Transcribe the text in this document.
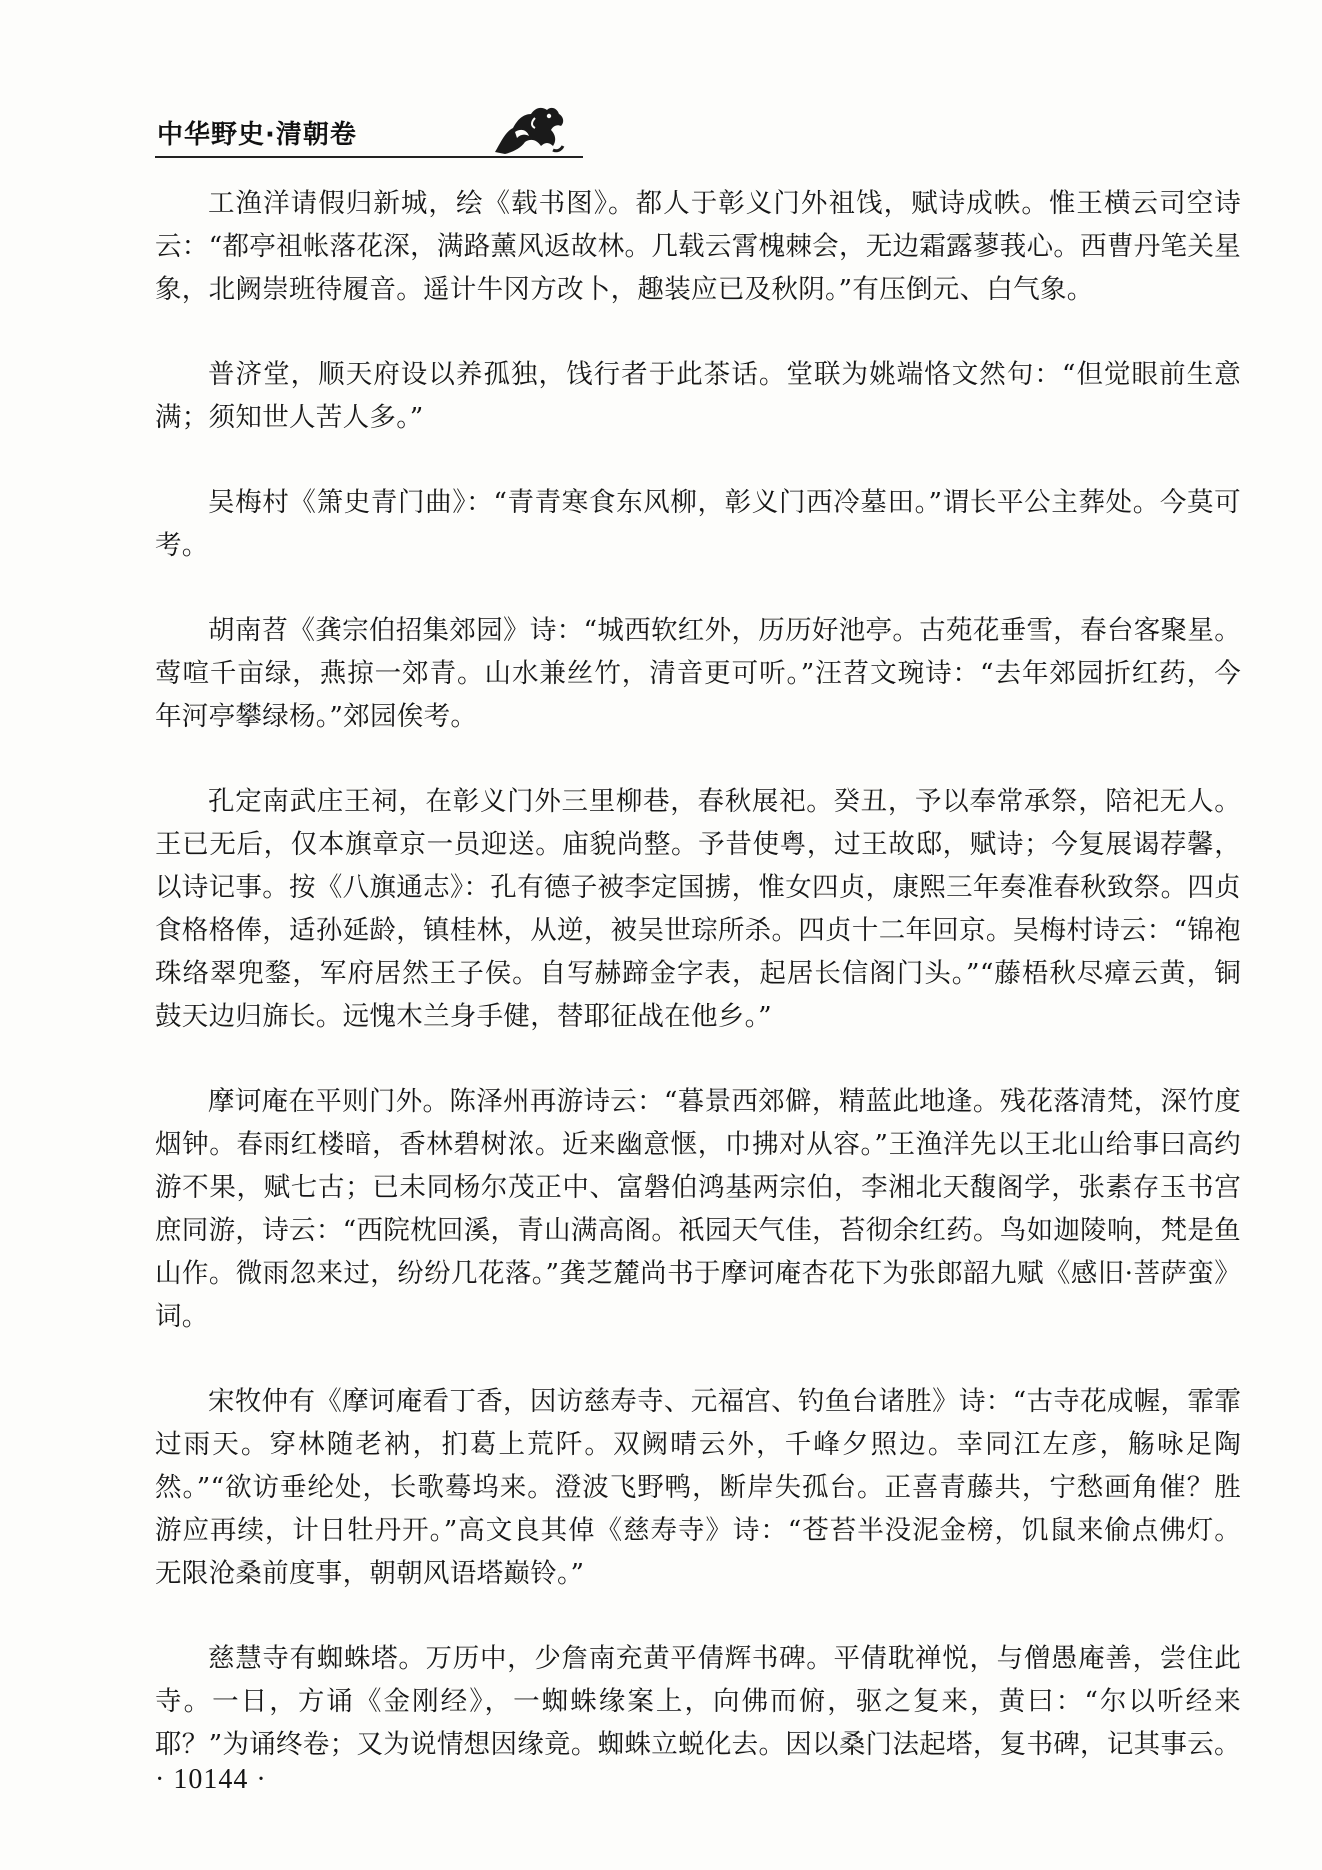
中华野史·清朝卷

工渔洋请假归新城，绘《载书图》。都人于彰义门外祖饯，赋诗成帙。惟王横云司空诗云：“都亭祖帐落花深，满路薰风返故林。几载云霄槐棘会，无边霜露蓼莪心。西曹丹笔关星象，北阙崇班待履音。遥计牛冈方改卜，趣装应已及秋阴。”有压倒元、白气象。

普济堂，顺天府设以养孤独，饯行者于此茶话。堂联为姚端恪文然句：“但觉眼前生意满；须知世人苦人多。”

吴梅村《箫史青门曲》：“青青寒食东风柳，彰义门西冷墓田。”谓长平公主葬处。今莫可考。

胡南苕《龚宗伯招集郊园》诗：“城西软红外，历历好池亭。古苑花垂雪，春台客聚星。莺喧千亩绿，燕掠一郊青。山水兼丝竹，清音更可听。”汪苕文琬诗：“去年郊园折红药，今年河亭攀绿杨。”郊园俟考。

孔定南武庄王祠，在彰义门外三里柳巷，春秋展祀。癸丑，予以奉常承祭，陪祀无人。王已无后，仅本旗章京一员迎送。庙貌尚整。予昔使粤，过王故邸，赋诗；今复展谒荐馨，以诗记事。按《八旗通志》：孔有德子被李定国掳，惟女四贞，康熙三年奏准春秋致祭。四贞食格格俸，适孙延龄，镇桂林，从逆，被吴世琮所杀。四贞十二年回京。吴梅村诗云：“锦袍珠络翠兜鍪，军府居然王子侯。自写赫蹄金字表，起居长信阁门头。”“藤梧秋尽瘴云黄，铜鼓天边归旆长。远愧木兰身手健，替耶征战在他乡。”

摩诃庵在平则门外。陈泽州再游诗云：“暮景西郊僻，精蓝此地逢。残花落清梵，深竹度烟钟。春雨红楼暗，香林碧树浓。近来幽意惬，巾拂对从容。”王渔洋先以王北山给事曰高约游不果，赋七古；已未同杨尔茂正中、富磐伯鸿基两宗伯，李湘北天馥阁学，张素存玉书宫庶同游，诗云：“西院枕回溪，青山满高阁。祇园天气佳，苔彻余红药。鸟如迦陵响，梵是鱼山作。微雨忽来过，纷纷几花落。”龚芝麓尚书于摩诃庵杏花下为张郎韶九赋《感旧·菩萨蛮》词。

宋牧仲有《摩诃庵看丁香，因访慈寿寺、元福宫、钓鱼台诸胜》诗：“古寺花成幄，霏霏过雨天。穿林随老衲，扪葛上荒阡。双阙晴云外，千峰夕照边。幸同江左彦，觞咏足陶然。”“欲访垂纶处，长歌蓦坞来。澄波飞野鸭，断岸失孤台。正喜青藤共，宁愁画角催？胜游应再续，计日牡丹开。”高文良其倬《慈寿寺》诗：“苍苔半没泥金榜，饥鼠来偷点佛灯。无限沧桑前度事，朝朝风语塔巅铃。”

慈慧寺有蜘蛛塔。万历中，少詹南充黄平倩辉书碑。平倩耽禅悦，与僧愚庵善，尝住此寺。一日，方诵《金刚经》，一蜘蛛缘案上，向佛而俯，驱之复来，黄曰：“尔以听经来耶？”为诵终卷；又为说情想因缘竟。蜘蛛立蜕化去。因以桑门法起塔，复书碑，记其事云。

· 10144 ·
